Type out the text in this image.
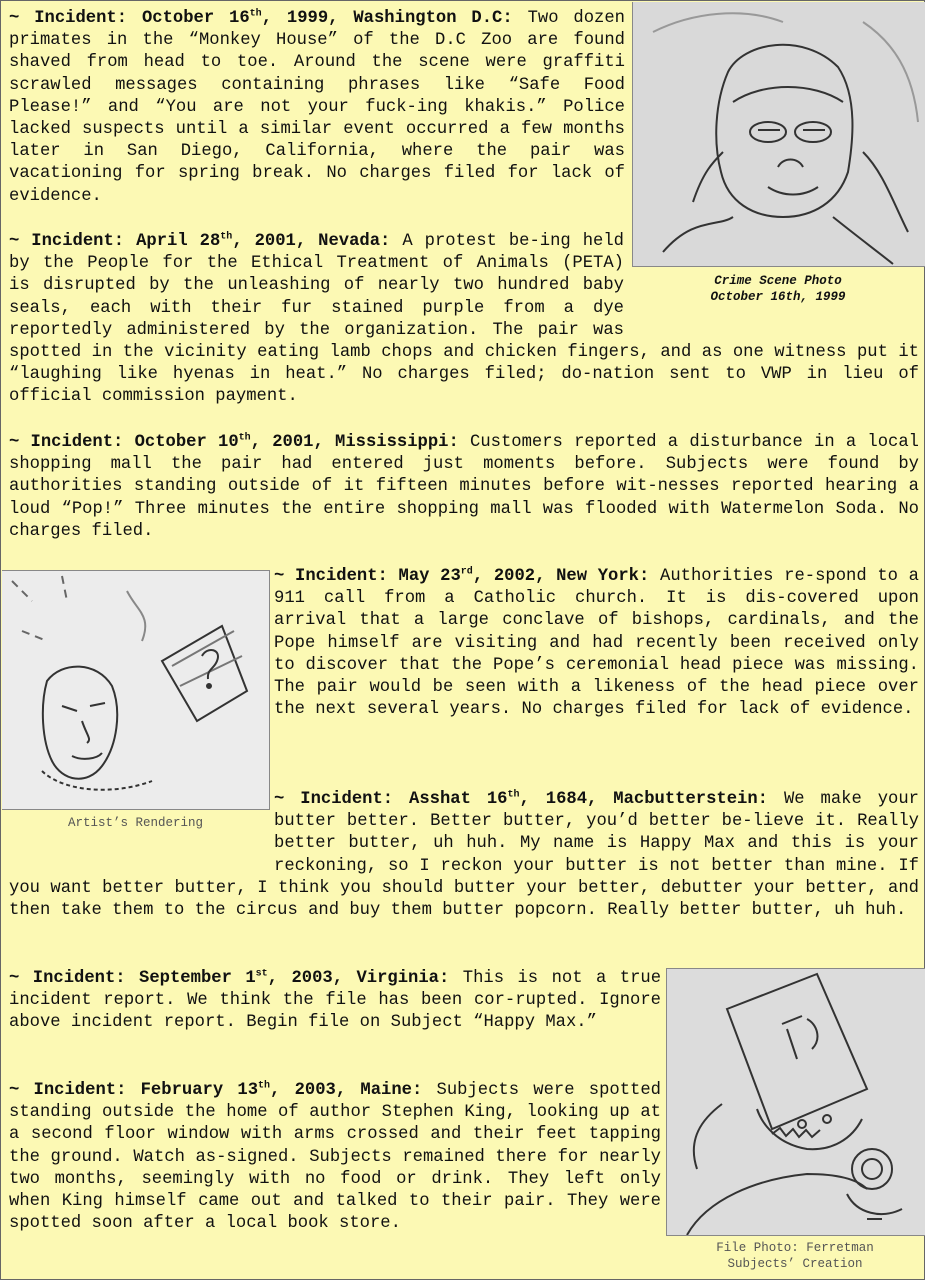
~ Incident: October 16th, 1999, Washington D.C: Two dozen primates in the “Monkey House” of the D.C Zoo are found shaved from head to toe. Around the scene were graffiti scrawled messages containing phrases like “Safe Food Please!” and “You are not your fuck-ing khakis.” Police lacked suspects until a similar event occurred a few months later in San Diego, California, where the pair was vacationing for spring break. No charges filed for lack of evidence.

Crime Scene Photo
October 16th, 1999

~ Incident: April 28th, 2001, Nevada: A protest be-ing held by the People for the Ethical Treatment of Animals (PETA) is disrupted by the unleashing of nearly two hundred baby seals, each with their fur stained purple from a dye reportedly administered by the organization. The pair was spotted in the vicinity eating lamb chops and chicken fingers, and as one witness put it “laughing like hyenas in heat.” No charges filed; do-nation sent to VWP in lieu of official commission payment.

~ Incident: October 10th, 2001, Mississippi: Customers reported a disturbance in a local shopping mall the pair had entered just moments before. Subjects were found by authorities standing outside of it fifteen minutes before wit-nesses reported hearing a loud “Pop!” Three minutes the entire shopping mall was flooded with Watermelon Soda. No charges filed.

Artist’s Rendering

~ Incident: May 23rd, 2002, New York: Authorities re-spond to a 911 call from a Catholic church. It is dis-covered upon arrival that a large conclave of bishops, cardinals, and the Pope himself are visiting and had recently been received only to discover that the Pope’s ceremonial head piece was missing. The pair would be seen with a likeness of the head piece over the next several years. No charges filed for lack of evidence.

~ Incident: Asshat 16th, 1684, Macbutterstein: We make your butter better. Better butter, you’d better be-lieve it. Really better butter, uh huh. My name is Happy Max and this is your reckoning, so I reckon your butter is not better than mine. If you want better butter, I think you should butter your better, debutter your better, and then take them to the circus and buy them butter popcorn. Really better butter, uh huh.

~ Incident: September 1st, 2003, Virginia: This is not a true incident report. We think the file has been cor-rupted. Ignore above incident report. Begin file on Subject “Happy Max.”

~ Incident: February 13th, 2003, Maine: Subjects were spotted standing outside the home of author Stephen King, looking up at a second floor window with arms crossed and their feet tapping the ground. Watch as-signed. Subjects remained there for nearly two months, seemingly with no food or drink. They left only when King himself came out and talked to their pair. They were spotted soon after a local book store.

File Photo: Ferretman
Subjects’ Creation
